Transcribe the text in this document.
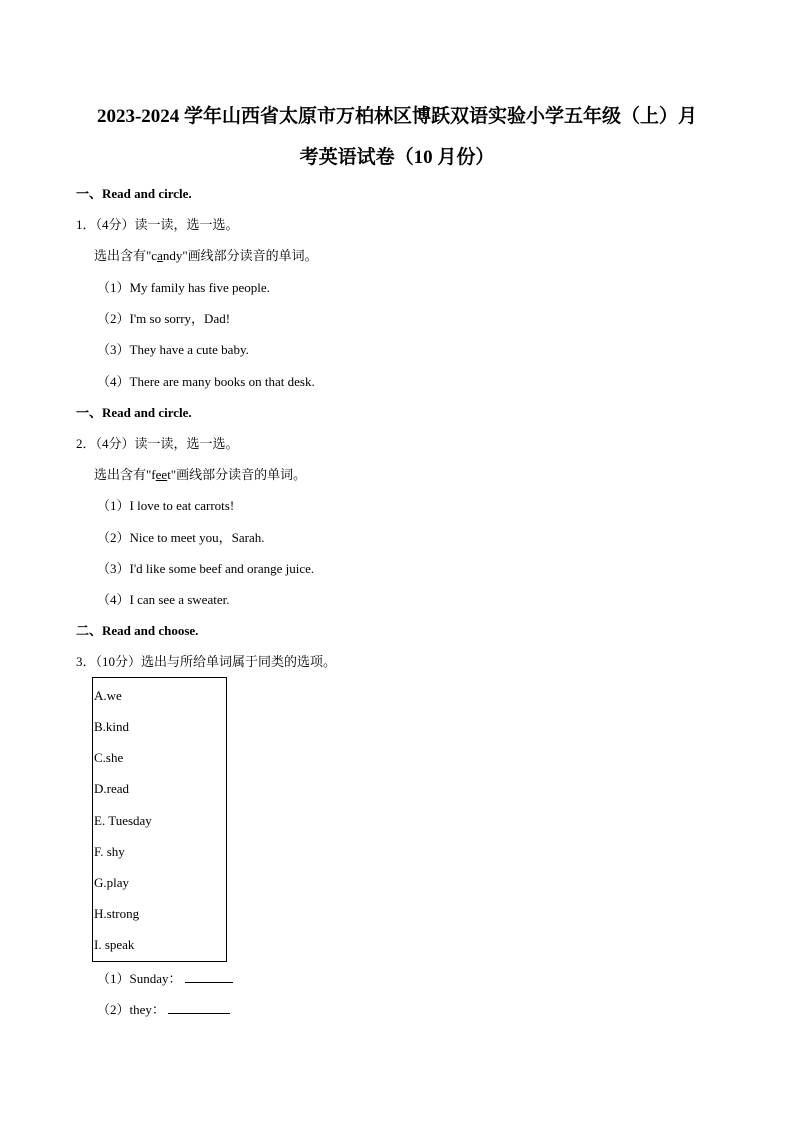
2023-2024 学年山西省太原市万柏林区博跃双语实验小学五年级（上）月
考英语试卷（10 月份）
一、Read and circle.
1．（4分）读一读，选一选。
选出含有"candy"画线部分读音的单词。
（1）My family has five people.
（2）I'm so sorry，Dad!
（3）They have a cute baby.
（4）There are many books on that desk.
一、Read and circle.
2．（4分）读一读，选一选。
选出含有"feet"画线部分读音的单词。
（1）I love to eat carrots!
（2）Nice to meet you，Sarah.
（3）I'd like some beef and orange juice.
（4）I can see a sweater.
二、Read and choose.
3．（10分）选出与所给单词属于同类的选项。
A.we
B.kind
C.she
D.read
E. Tuesday
F. shy
G.play
H.strong
I. speak
（1）Sunday：
（2）they：
